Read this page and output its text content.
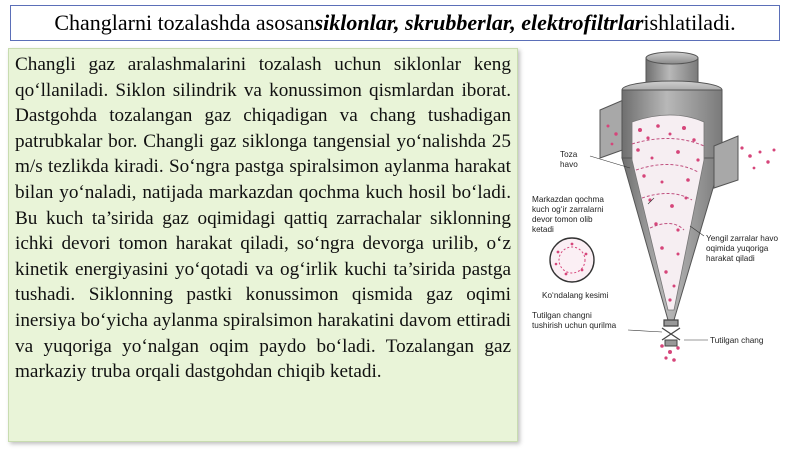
Changlarni tozalashda asosan siklonlar, skrubberlar, elektrofiltrlar ishlatiladi.

Changli gaz aralashmalarini tozalash uchun siklonlar keng qo‘llaniladi. Siklon silindrik va konussimon qismlardan iborat. Dastgohda tozalangan gaz chiqadigan va chang tushadigan patrubkalar bor. Changli gaz siklonga tangensial yo‘nalishda 25 m/s tezlikda kiradi. So‘ngra pastga spiralsimon aylanma harakat bilan yo‘naladi, natijada markazdan qochma kuch hosil bo‘ladi. Bu kuch ta’sirida gaz oqimidagi qattiq zarrachalar siklonning ichki devori tomon harakat qiladi, so‘ngra devorga urilib, o‘z kinetik energiyasini yo‘qotadi va og‘irlik kuchi ta’sirida pastga tushadi. Siklonning pastki konussimon qismida gaz oqimi inersiya bo‘yicha aylanma spiralsimon harakatini davom ettiradi va yuqoriga yo‘nalgan oqim paydo bo‘ladi. Tozalangan gaz markaziy truba orqali dastgohdan chiqib ketadi.

Toza havo
Markazdan qochma kuch og‘ir zarralarni devor tomon olib ketadi
Ko‘ndalang kesimi
Yengil zarralar havo oqimida yuqoriga harakat qiladi
Tutilgan changni tushirish uchun qurilma
Tutilgan chang
